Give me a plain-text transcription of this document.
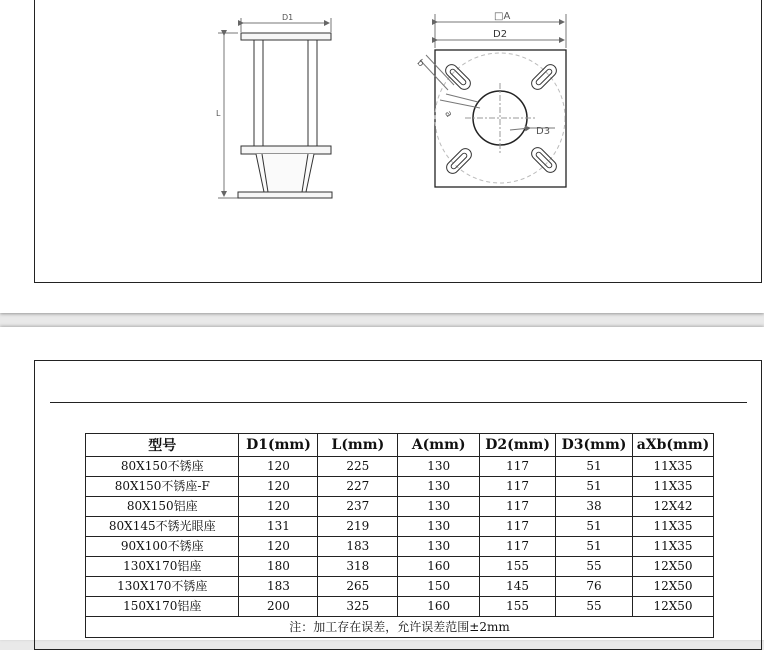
D1
L
□A
D2
D3
b
a
型号	D1(mm)	L(mm)	A(mm)	D2(mm)	D3(mm)	aXb(mm)
80X150不锈座	120	225	130	117	51	11X35
80X150不锈座-F	120	227	130	117	51	11X35
80X150铝座	120	237	130	117	38	12X42
80X145不锈光眼座	131	219	130	117	51	11X35
90X100不锈座	120	183	130	117	51	11X35
130X170铝座	180	318	160	155	55	12X50
130X170不锈座	183	265	150	145	76	12X50
150X170铝座	200	325	160	155	55	12X50
注：加工存在误差，允许误差范围±2mm						
